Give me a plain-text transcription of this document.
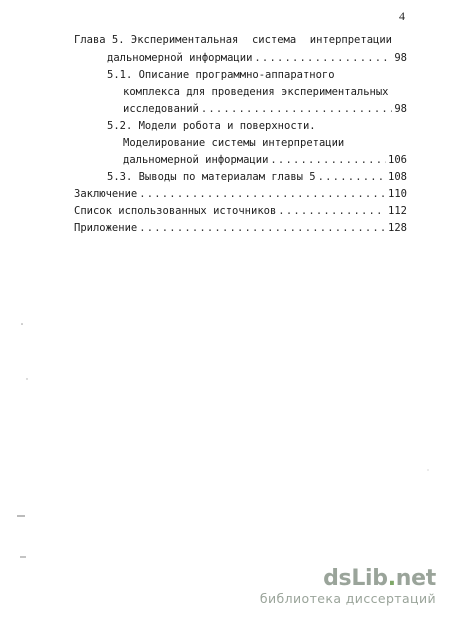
4
Глава 5. Экспериментальная система интерпретации
дальномерной информации .....	98
5.1. Описание программно-аппаратного
комплекса для проведения экспериментальных
исследований .....	98
5.2. Модели робота и поверхности.
Моделирование системы интерпретации
дальномерной информации .....	106
5.3. Выводы по материалам главы 5 .....	108
Заключение .....	110
Список использованных источников .....	112
Приложение .....	128
dsLib.net
библиотека диссертаций
